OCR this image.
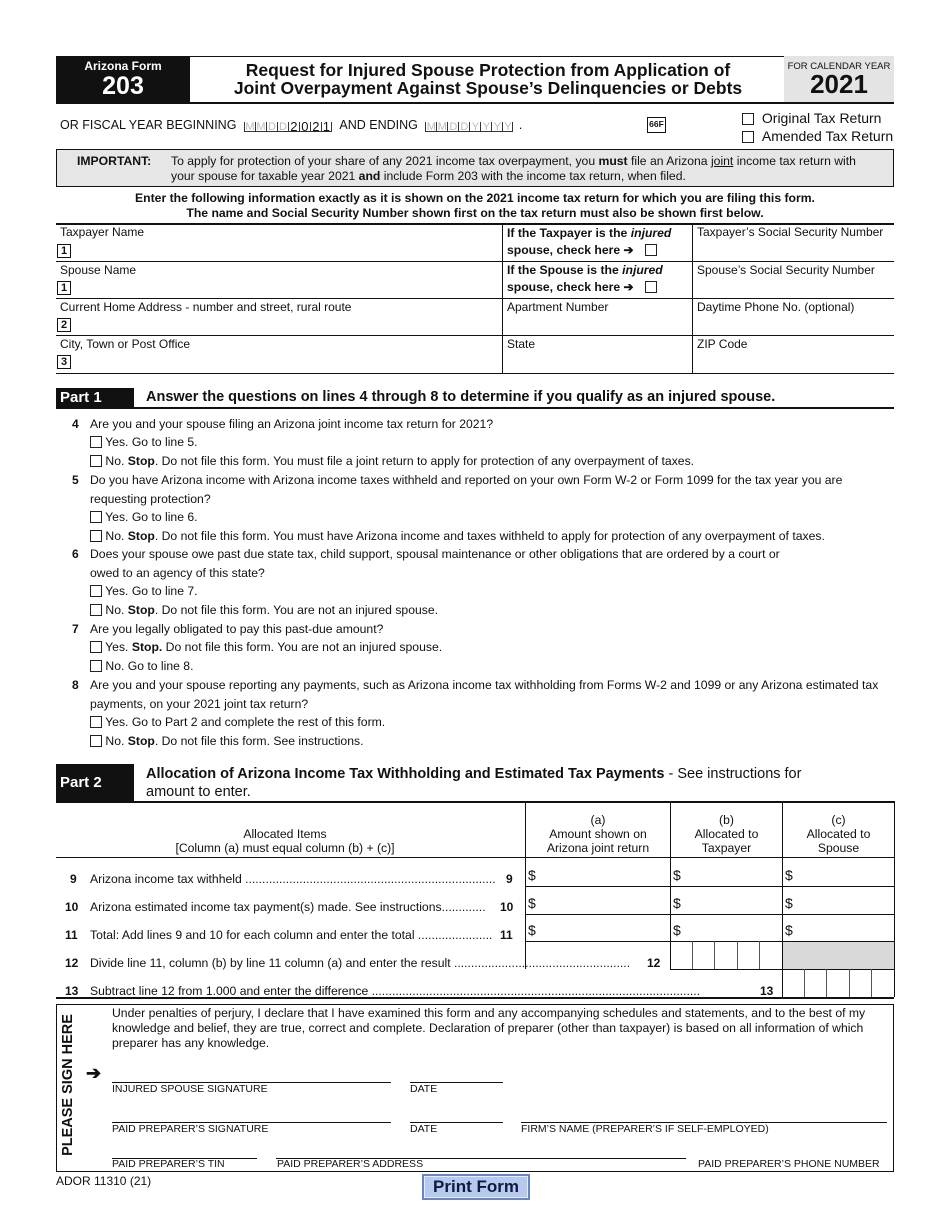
Arizona Form
203
Request for Injured Spouse Protection from Application of
Joint Overpayment Against Spouse’s Delinquencies or Debts
FOR CALENDAR YEAR
2021
OR FISCAL YEAR BEGINNING M M D D 2 0 2 1 AND ENDING M M D D Y Y Y Y .	66F	Original Tax Return
Amended Tax Return
IMPORTANT: To apply for protection of your share of any 2021 income tax overpayment, you must file an Arizona joint income tax return with
your spouse for taxable year 2021 and include Form 203 with the income tax return, when filed.
Enter the following information exactly as it is shown on the 2021 income tax return for which you are filing this form.
The name and Social Security Number shown first on the tax return must also be shown first below.
Taxpayer Name
1
If the Taxpayer is the injured
spouse, check here ➔
Taxpayer’s Social Security Number
Spouse Name
1
If the Spouse is the injured
spouse, check here ➔
Spouse’s Social Security Number
Current Home Address - number and street, rural route
2
Apartment Number	Daytime Phone No. (optional)
City, Town or Post Office
3
State	ZIP Code
Part 1	Answer the questions on lines 4 through 8 to determine if you qualify as an injured spouse.
4 Are you and your spouse filing an Arizona joint income tax return for 2021?
Yes. Go to line 5.
No. Stop. Do not file this form. You must file a joint return to apply for protection of any overpayment of taxes.
5 Do you have Arizona income with Arizona income taxes withheld and reported on your own Form W-2 or Form 1099 for the tax year you are
requesting protection?
Yes. Go to line 6.
No. Stop. Do not file this form. You must have Arizona income and taxes withheld to apply for protection of any overpayment of taxes.
6 Does your spouse owe past due state tax, child support, spousal maintenance or other obligations that are ordered by a court or
owed to an agency of this state?
Yes. Go to line 7.
No. Stop. Do not file this form. You are not an injured spouse.
7 Are you legally obligated to pay this past-due amount?
Yes. Stop. Do not file this form. You are not an injured spouse.
No. Go to line 8.
8 Are you and your spouse reporting any payments, such as Arizona income tax withholding from Forms W-2 and 1099 or any Arizona estimated tax
payments, on your 2021 joint tax return?
Yes. Go to Part 2 and complete the rest of this form.
No. Stop. Do not file this form. See instructions.
Part 2	Allocation of Arizona Income Tax Withholding and Estimated Tax Payments - See instructions for
amount to enter.
Allocated Items
[Column (a) must equal column (b) + (c)]
(a)
Amount shown on
Arizona joint return
(b)
Allocated to
Taxpayer
(c)
Allocated to
Spouse
9 Arizona income tax withheld .......................................................................... 9 $	$	$
10 Arizona estimated income tax payment(s) made. See instructions.............	10 $	$	$
11 Total: Add lines 9 and 10 for each column and enter the total ...................... 11 $	$	$
12 Divide line 11, column (b) by line 11 column (a) and enter the result ....................................................	12
13 Subtract line 12 from 1.000 and enter the difference .................................................................................................	13
PLEASE SIGN HERE
Under penalties of perjury, I declare that I have examined this form and any accompanying schedules and statements, and to the best of my knowledge and belief, they are true, correct and complete. Declaration of preparer (other than taxpayer) is based on all information of which preparer has any knowledge.
➔
INJURED SPOUSE SIGNATURE	DATE
PAID PREPARER’S SIGNATURE	DATE	FIRM’S NAME (PREPARER’S IF SELF-EMPLOYED)
PAID PREPARER’S TIN	PAID PREPARER’S ADDRESS	PAID PREPARER’S PHONE NUMBER
ADOR 11310 (21)	Print Form
